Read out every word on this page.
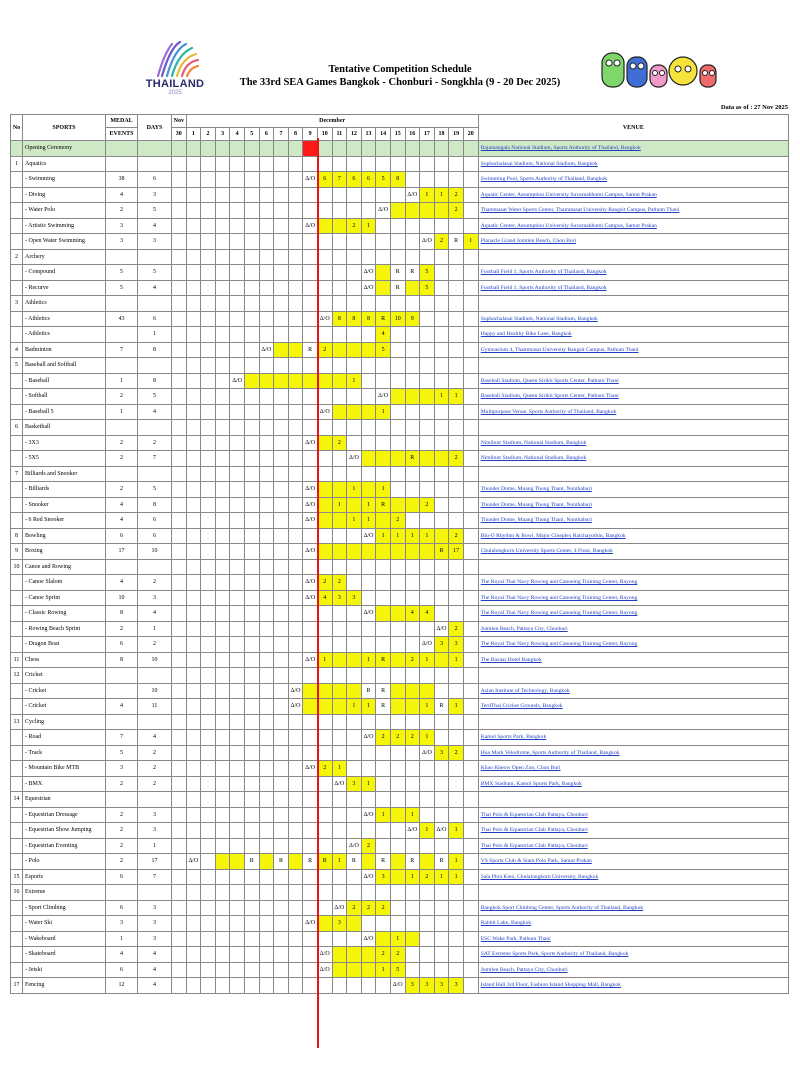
THAILAND
2025
Tentative Competition Schedule
The 33rd SEA Games Bangkok - Chonburi - Songkhla (9 - 20 Dec 2025)
Data as of : 27 Nov 2025
No	SPORTS	MEDAL	DAYS	Nov	December																				VENUE
		EVENTS		30	1	2	3	4	5	6	7	8	9	10	11	12	13	14	15	16	17	18	19	20	
	Opening Ceremony																								Rajamangala National Stadium, Sports Authority of Thailand, Bangkok
1	Aquatics																								Suphachalasai Stadium, National Stadium, Bangkok
	- Swimming	38	6										Δ/O	6	7	6	6	5	8						Swimming Pool, Sports Authority of Thailand, Bangkok
	- Diving	4	3																	Δ/O	1	1	2		Aquatic Center, Assumption University Suvarnabhumi Campus, Samut Prakan
	- Water Polo	2	5															Δ/O					2		Thammasat Water Sports Center, Thammasat University Rangsit Campus, Pathum Thani
	- Artistic Swimming	3	4										Δ/O			2	1								Aquatic Center, Assumption University Suvarnabhumi Campus, Samut Prakan
	- Open Water Swimming	3	3																		Δ/O	2	R	1	Pinnacle Grand Jomtien Beach, Chon Buri
2	Archery																								
	- Compound	5	5														Δ/O		R	R	5				Football Field 1, Sports Authority of Thailand, Bangkok
	- Recurve	5	4														Δ/O		R		5				Football Field 1, Sports Authority of Thailand, Bangkok
3	Athletics																								
	- Athletics	43	6											Δ/O	8	8	8	R	10	9					Suphachalasai Stadium, National Stadium, Bangkok
	- Athletics		1															4							Happy and Healthy Bike Lane, Bangkok
4	Badminton	7	8							Δ/O			R	2				5							Gymnasium 4, Thammasat University Rangsit Campus, Pathum Thani
5	Baseball and Softball																								
	- Baseball	1	8					Δ/O								1									Baseball Stadium, Queen Sirikit Sports Center, Pathum Thani
	- Softball	2	5															Δ/O				1	1		Baseball Stadium, Queen Sirikit Sports Center, Pathum Thani
	- Baseball 5	1	4											Δ/O				1							Multipurpose Venue, Sports Authority of Thailand, Bangkok
6	Basketball																								
	- 3X3	2	2										Δ/O		2										Nimibutr Stadium, National Stadium, Bangkok
	- 5X5	2	7													Δ/O				R			2		Nimibutr Stadium, National Stadium, Bangkok
7	Billiards and Snooker																								
	- Billiards	2	5										Δ/O			1		1							Thunder Dome, Muang Thong Thani, Nonthaburi
	- Snooker	4	8										Δ/O		1		1	R			2				Thunder Dome, Muang Thong Thani, Nonthaburi
	- 6 Red Snooker	4	6										Δ/O			1	1		2						Thunder Dome, Muang Thong Thani, Nonthaburi
8	Bowling	6	6														Δ/O	1	1	1	1		2		Blu-O Rhythm & Bowl, Major Cineplex Ratchayothin, Bangkok
9	Boxing	17	10										Δ/O									R	17		Chulalongkorn University Sports Center, 4 Floor, Bangkok
10	Canoe and Rowing																								
	- Canoe Slalom	4	2										Δ/O	2	2										The Royal Thai Navy Rowing and Canoeing Training Center, Rayong
	- Canoe Sprint	10	3										Δ/O	4	3	3									The Royal Thai Navy Rowing and Canoeing Training Center, Rayong
	- Classic Rowing	8	4														Δ/O			4	4				The Royal Thai Navy Rowing and Canoeing Training Center, Rayong
	- Rowing Beach Sprint	2	1																			Δ/O	2		Jomtien Beach, Pattaya City, Chonburi
	- Dragon Boat	6	2																		Δ/O	3	3		The Royal Thai Navy Rowing and Canoeing Training Center, Rayong
11	Chess	8	10										Δ/O	1			1	R		2	1		1		The Bazaar Hotel Bangkok
12	Cricket																								
	- Cricket		10									Δ/O					R	R							Asian Institute of Technology, Bangkok
	- Cricket	4	11									Δ/O				1	1	R			1	R	1		TerdThai Cricket Grounds, Bangkok
13	Cycling																								
	- Road	7	4														Δ/O	2	2	2	1				Kamol Sports Park, Bangkok
	- Track	5	2																		Δ/O	3	2		Hua Mark Velodrome, Sports Authority of Thailand, Bangkok
	- Mountain Bike MTB	3	2										Δ/O	2	1										Khao Kheow Open Zoo, Chon Buri
	- BMX	2	2												Δ/O	3	1								BMX Stadium, Kamol Sports Park, Bangkok
14	Equestrian																								
	- Equestrian Dressage	2	3														Δ/O	1		1					Thai Polo & Equestrian Club Pattaya, Chonburi
	- Equestrian Show Jumping	2	3																	Δ/O	1	Δ/O	1		Thai Polo & Equestrian Club Pattaya, Chonburi
	- Equestrian Eventing	2	1													Δ/O	2								Thai Polo & Equestrian Club Pattaya, Chonburi
	- Polo	2	17		Δ/O				R		R		R	R	1	R		R		R		R	1		VS Sports Club & Siam Polo Park, Samut Prakan
15	Esports	6	7														Δ/O	3		1	2	1	1		Sala Phra Kieo, Chulalongkorn University, Bangkok
16	Extreme																								
	- Sport Climbing	6	3												Δ/O	2	2	2							Bangkok Sport Climbing Center, Sports Authority of Thailand, Bangkok
	- Water Ski	3	3										Δ/O		3										Rabbit Lake, Bangkok
	- Wakeboard	1	3														Δ/O		1						ESC Wake Park, Pathum Thani
	- Skateboard	4	4											Δ/O				2	2						SAT Extreme Sports Park, Sports Authority of Thailand, Bangkok
	- Jetski	6	4											Δ/O				1	5						Jomtien Beach, Pattaya City, Chonburi
17	Fencing	12	4																Δ/O	3	3	3	3		Island Hall 3rd Floor, Fashion Island Shopping Mall, Bangkok
